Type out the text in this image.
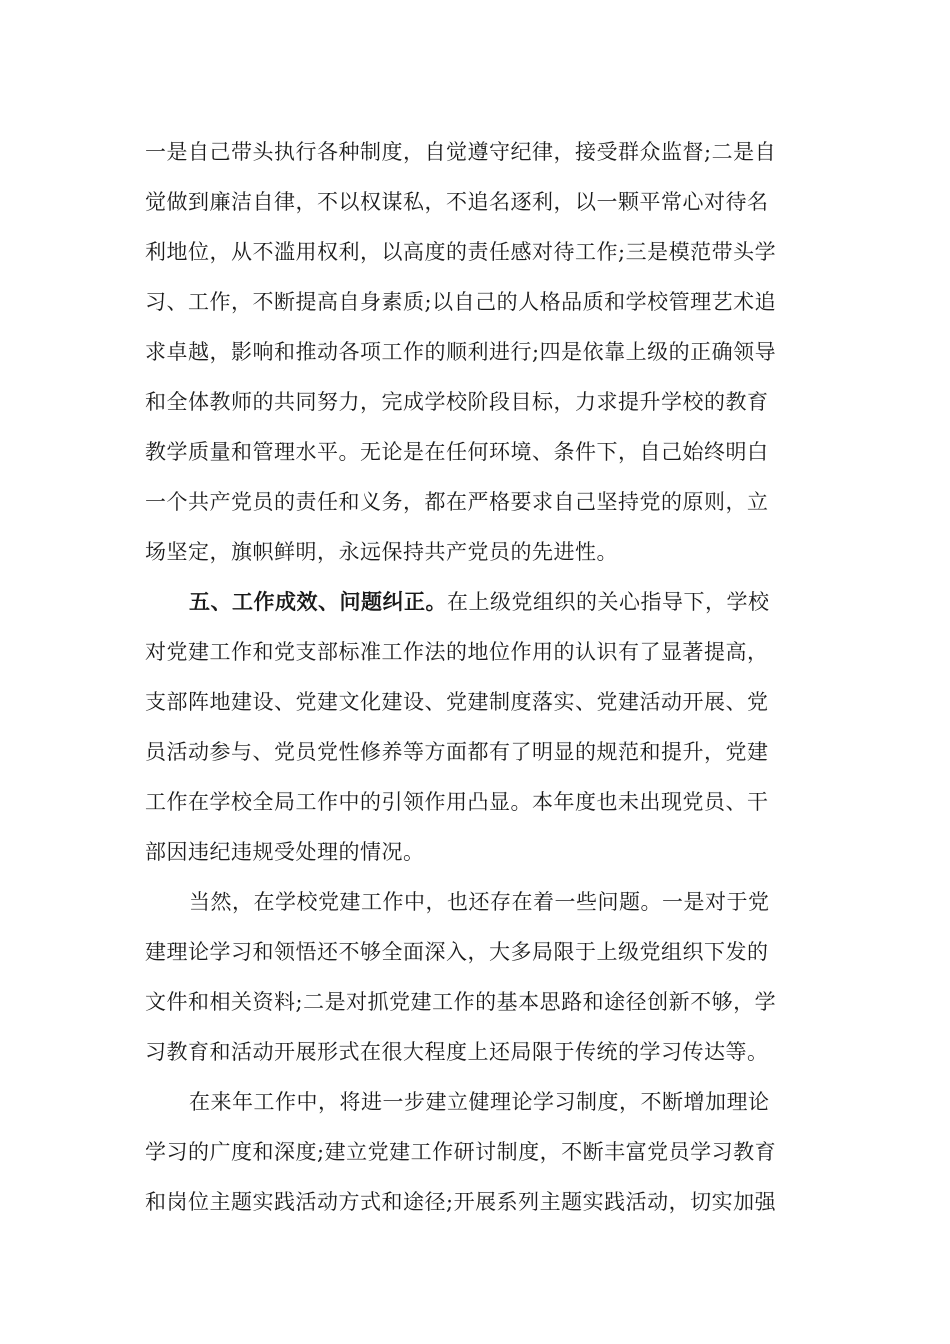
一是自己带头执行各种制度，自觉遵守纪律，接受群众监督;二是自
觉做到廉洁自律，不以权谋私，不追名逐利，以一颗平常心对待名
利地位，从不滥用权利，以高度的责任感对待工作;三是模范带头学
习、工作，不断提高自身素质;以自己的人格品质和学校管理艺术追
求卓越，影响和推动各项工作的顺利进行;四是依靠上级的正确领导
和全体教师的共同努力，完成学校阶段目标，力求提升学校的教育
教学质量和管理水平。无论是在任何环境、条件下，自己始终明白
一个共产党员的责任和义务，都在严格要求自己坚持党的原则，立
场坚定，旗帜鲜明，永远保持共产党员的先进性。
五、工作成效、问题纠正。在上级党组织的关心指导下，学校
对党建工作和党支部标准工作法的地位作用的认识有了显著提高，
支部阵地建设、党建文化建设、党建制度落实、党建活动开展、党
员活动参与、党员党性修养等方面都有了明显的规范和提升，党建
工作在学校全局工作中的引领作用凸显。本年度也未出现党员、干
部因违纪违规受处理的情况。
当然，在学校党建工作中，也还存在着一些问题。一是对于党
建理论学习和领悟还不够全面深入，大多局限于上级党组织下发的
文件和相关资料;二是对抓党建工作的基本思路和途径创新不够，学
习教育和活动开展形式在很大程度上还局限于传统的学习传达等。
在来年工作中，将进一步建立健理论学习制度，不断增加理论
学习的广度和深度;建立党建工作研讨制度，不断丰富党员学习教育
和岗位主题实践活动方式和途径;开展系列主题实践活动，切实加强
